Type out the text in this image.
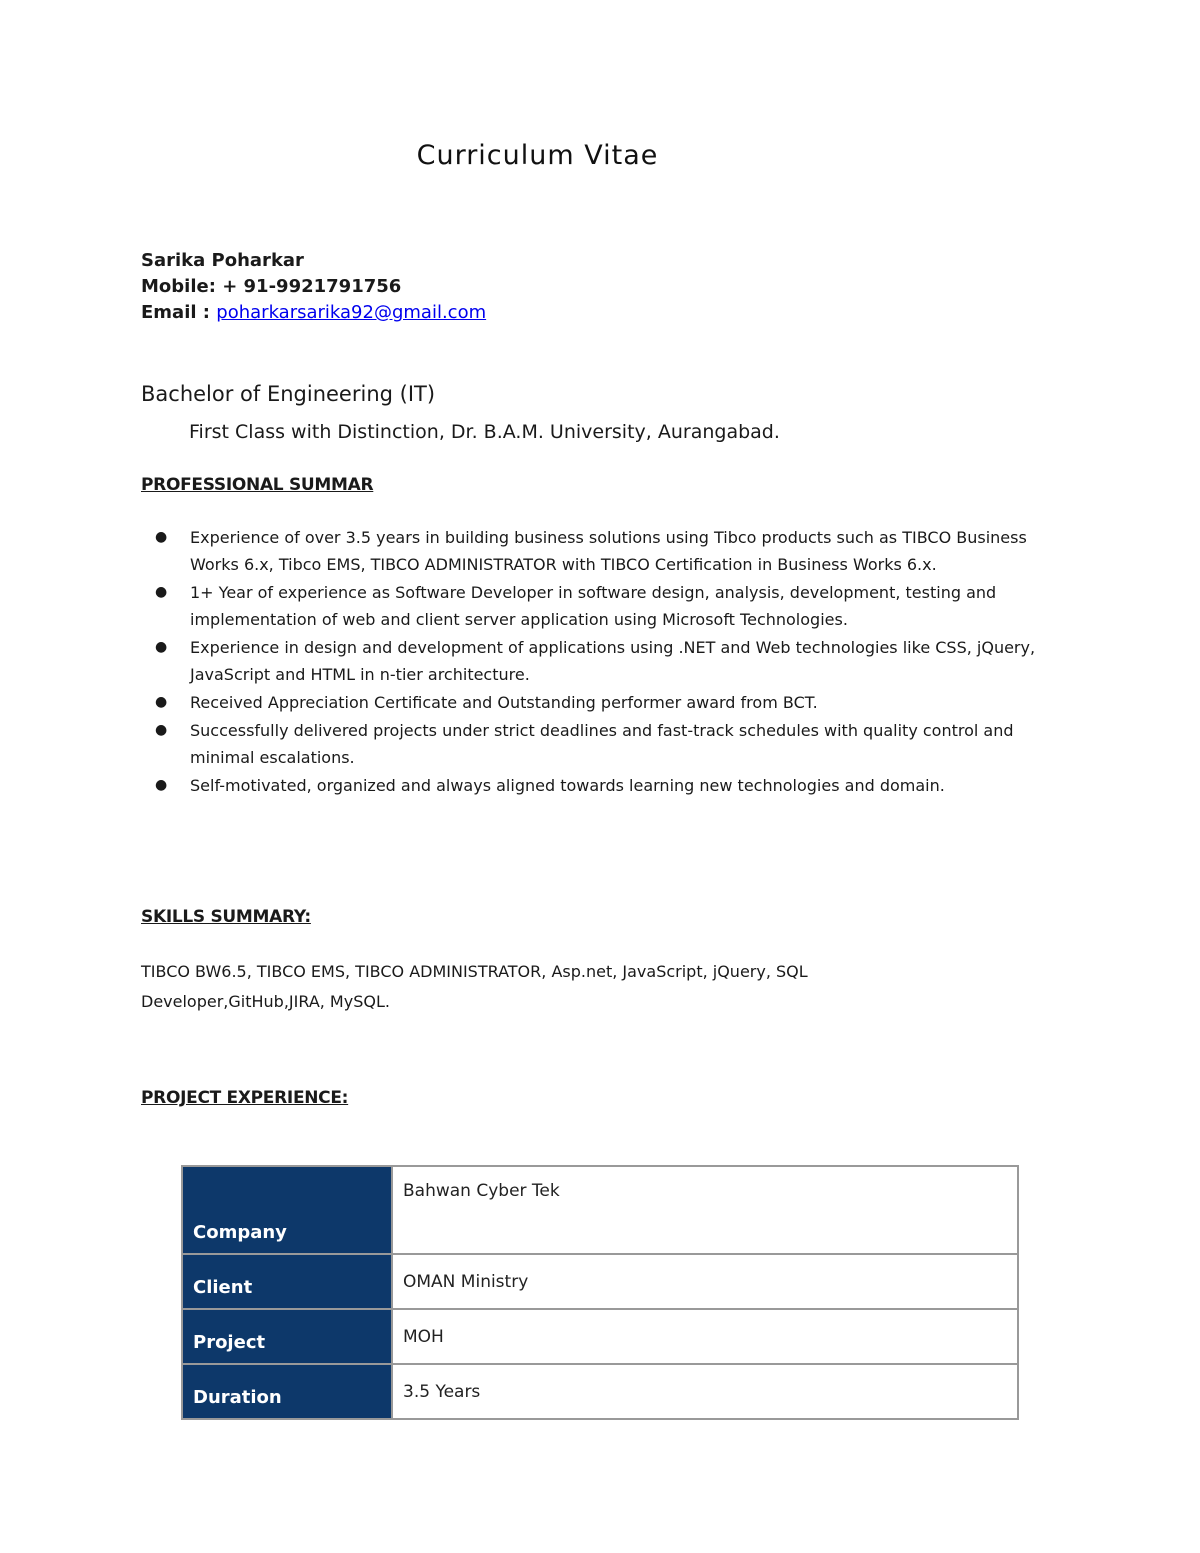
Curriculum Vitae
Sarika Poharkar
Mobile: + 91-9921791756
Email : poharkarsarika92@gmail.com
Bachelor of Engineering (IT)
First Class with Distinction, Dr. B.A.M. University, Aurangabad.
PROFESSIONAL SUMMAR
● Experience of over 3.5 years in building business solutions using Tibco products such as TIBCO Business Works 6.x, Tibco EMS, TIBCO ADMINISTRATOR with TIBCO Certification in Business Works 6.x.
● 1+ Year of experience as Software Developer in software design, analysis, development, testing and implementation of web and client server application using Microsoft Technologies.
● Experience in design and development of applications using .NET and Web technologies like CSS, jQuery, JavaScript and HTML in n-tier architecture.
● Received Appreciation Certificate and Outstanding performer award from BCT.
● Successfully delivered projects under strict deadlines and fast-track schedules with quality control and minimal escalations.
● Self-motivated, organized and always aligned towards learning new technologies and domain.
SKILLS SUMMARY:
TIBCO BW6.5, TIBCO EMS, TIBCO ADMINISTRATOR, Asp.net, JavaScript, jQuery, SQL Developer,GitHub,JIRA, MySQL.
PROJECT EXPERIENCE:
Company	Bahwan Cyber Tek
Client	OMAN Ministry
Project	MOH
Duration	3.5 Years
